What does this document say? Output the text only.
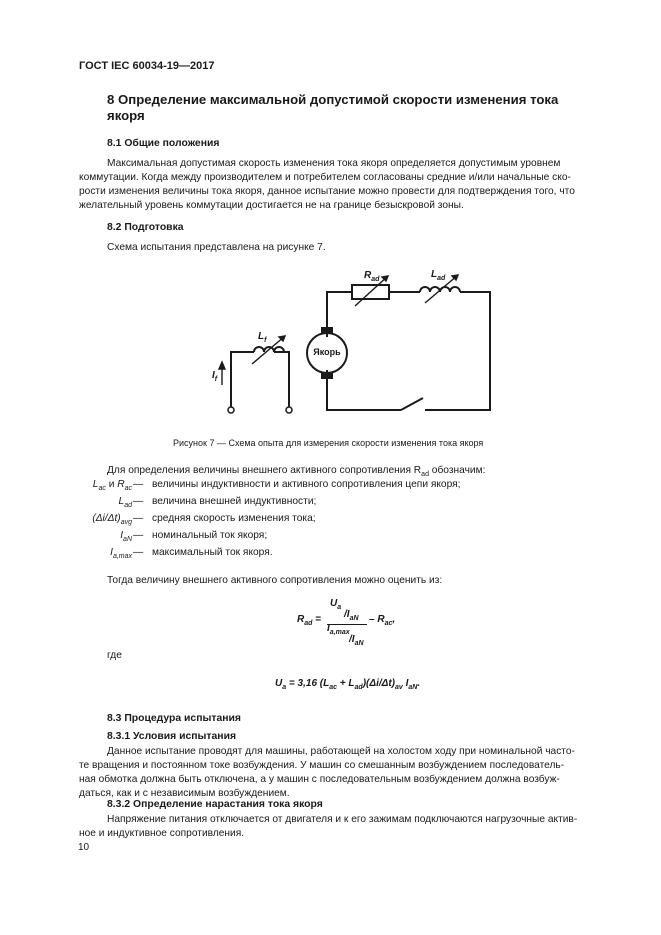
ГОСТ IEC 60034-19—2017
8 Определение максимальной допустимой скорости изменения тока якоря
8.1 Общие положения
Максимальная допустимая скорость изменения тока якоря определяется допустимым уровнем
коммутации. Когда между производителем и потребителем согласованы средние и/или начальные ско-
рости изменения величины тока якоря, данное испытание можно провести для подтверждения того, что
желательный уровень коммутации достигается не на границе безыскровой зоны.
8.2 Подготовка
Схема испытания представлена на рисунке 7.
Якорь
$R_{ad}$	$L_{ad}$
$L_f$
$I_f$
Рисунок 7 — Схема опыта для измерения скорости изменения тока якоря
Для определения величины внешнего активного сопротивления $R_{ad}$ обозначим:
$L_{ac}$ и $R_{ac}$ — величины индуктивности и активного сопротивления цепи якоря;
$L_{ad}$ — величина внешней индуктивности;
$(\Delta i/\Delta t)_{avg}$ — средняя скорость изменения тока;
$I_{aN}$ — номинальный ток якоря;
$I_{a,max}$ — максимальный ток якоря.
Тогда величину внешнего активного сопротивления можно оценить из:
$R_{ad}$ =
$U_a$
$/I_{aN}$
$I_{a,max}$
$/I_{aN}$
– $R_{ac}$,
где
$U_a = 3,16$ $(L_{ac} + L_{ad})(\Delta i/\Delta t)_{av}$ $I_{aN}$.
8.3 Процедура испытания
8.3.1 Условия испытания
Данное испытание проводят для машины, работающей на холостом ходу при номинальной часто-
те вращения и постоянном токе возбуждения. У машин со смешанным возбуждением последователь-
ная обмотка должна быть отключена, а у машин с последовательным возбуждением должна возбуж-
даться, как и с независимым возбуждением.
8.3.2 Определение нарастания тока якоря
Напряжение питания отключается от двигателя и к его зажимам подключаются нагрузочные актив-
ное и индуктивное сопротивления.
10
